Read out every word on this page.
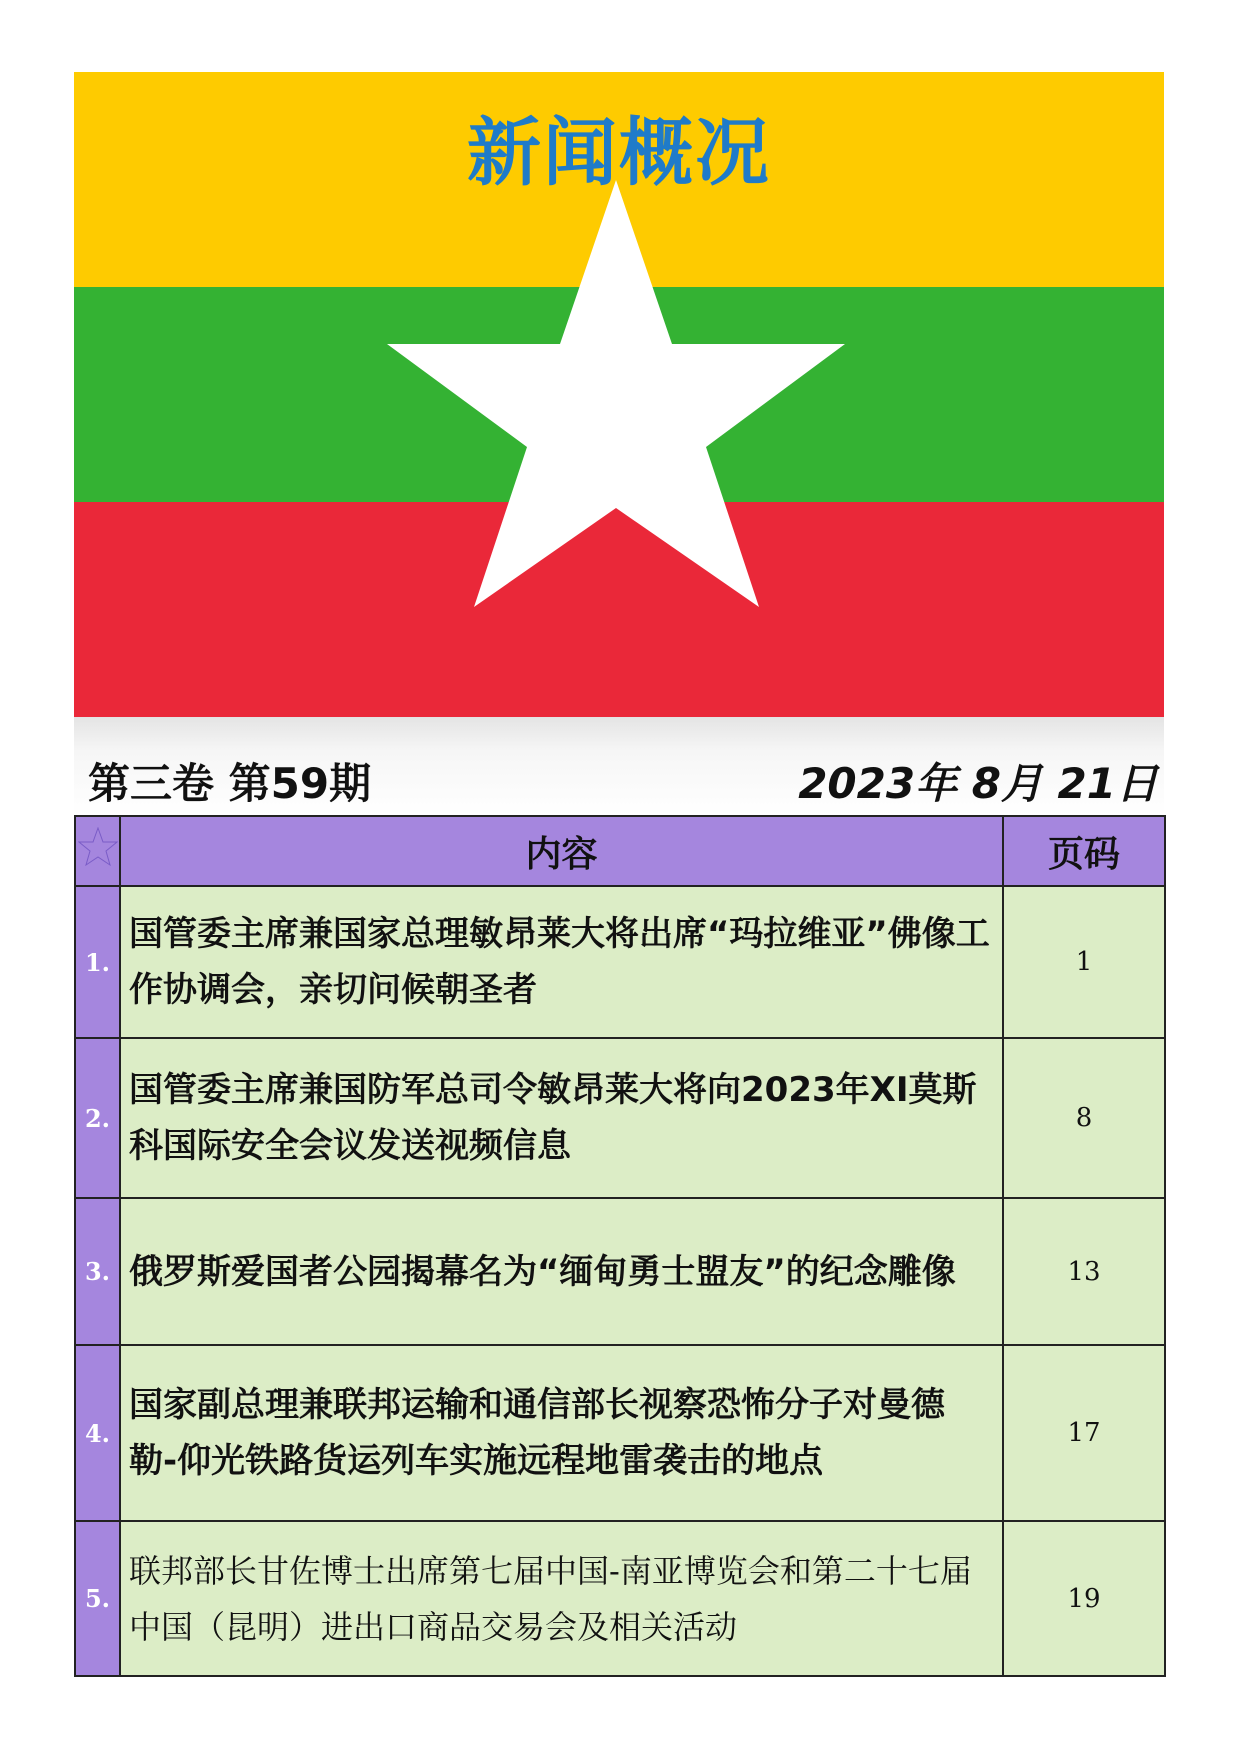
新闻概况
第三卷 第59期	2023年 8月 21日
	内容	页码
1.	国管委主席兼国家总理敏昂莱大将出席“玛拉维亚”佛像工作协调会，亲切问候朝圣者	1
2.	国管委主席兼国防军总司令敏昂莱大将向2023年XI莫斯科国际安全会议发送视频信息	8
3.	俄罗斯爱国者公园揭幕名为“缅甸勇士盟友”的纪念雕像	13
4.	国家副总理兼联邦运输和通信部长视察恐怖分子对曼德勒-仰光铁路货运列车实施远程地雷袭击的地点	17
5.	联邦部长甘佐博士出席第七届中国-南亚博览会和第二十七届中国（昆明）进出口商品交易会及相关活动	19
